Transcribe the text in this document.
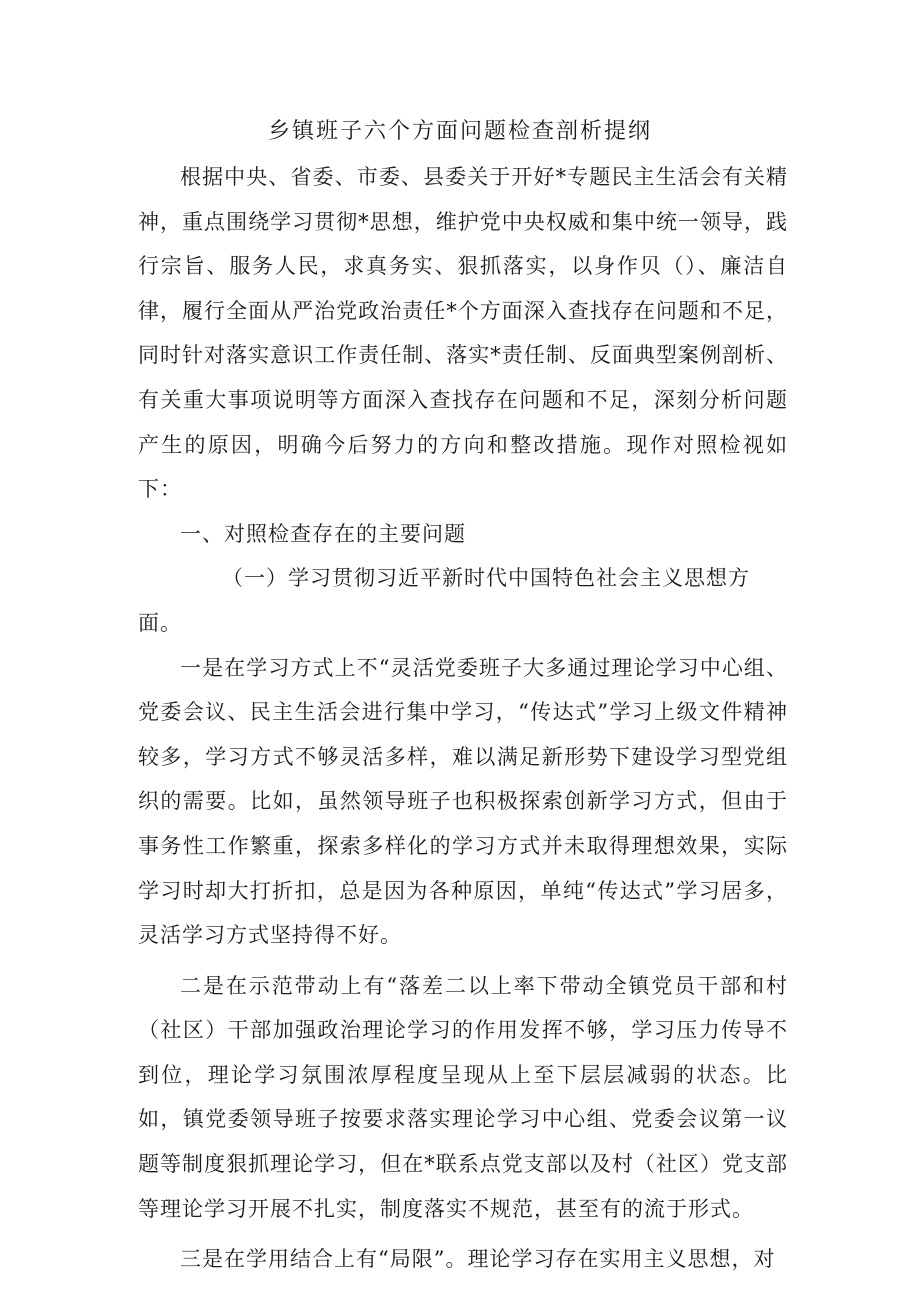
乡镇班子六个方面问题检查剖析提纲

根据中央、省委、市委、县委关于开好*专题民主生活会有关精神，重点围绕学习贯彻*思想，维护党中央权威和集中统一领导，践行宗旨、服务人民，求真务实、狠抓落实，以身作贝（）、廉洁自律，履行全面从严治党政治责任*个方面深入查找存在问题和不足，同时针对落实意识工作责任制、落实*责任制、反面典型案例剖析、有关重大事项说明等方面深入查找存在问题和不足，深刻分析问题产生的原因，明确今后努力的方向和整改措施。现作对照检视如下：

一、对照检查存在的主要问题

（一）学习贯彻习近平新时代中国特色社会主义思想方面。

一是在学习方式上不“灵活党委班子大多通过理论学习中心组、党委会议、民主生活会进行集中学习，“传达式”学习上级文件精神较多，学习方式不够灵活多样，难以满足新形势下建设学习型党组织的需要。比如，虽然领导班子也积极探索创新学习方式，但由于事务性工作繁重，探索多样化的学习方式并未取得理想效果，实际学习时却大打折扣，总是因为各种原因，单纯“传达式”学习居多，灵活学习方式坚持得不好。

二是在示范带动上有“落差二以上率下带动全镇党员干部和村（社区）干部加强政治理论学习的作用发挥不够，学习压力传导不到位，理论学习氛围浓厚程度呈现从上至下层层减弱的状态。比如，镇党委领导班子按要求落实理论学习中心组、党委会议第一议题等制度狠抓理论学习，但在*联系点党支部以及村（社区）党支部等理论学习开展不扎实，制度落实不规范，甚至有的流于形式。

三是在学用结合上有“局限”。理论学习存在实用主义思想，对
